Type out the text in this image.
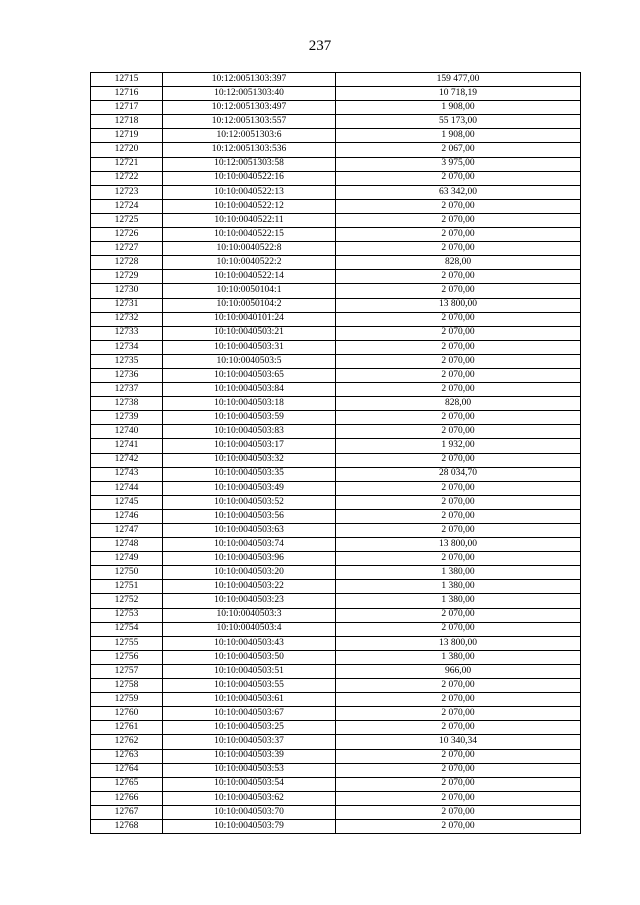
237
12715	10:12:0051303:397	159 477,00
12716	10:12:0051303:40	10 718,19
12717	10:12:0051303:497	1 908,00
12718	10:12:0051303:557	55 173,00
12719	10:12:0051303:6	1 908,00
12720	10:12:0051303:536	2 067,00
12721	10:12:0051303:58	3 975,00
12722	10:10:0040522:16	2 070,00
12723	10:10:0040522:13	63 342,00
12724	10:10:0040522:12	2 070,00
12725	10:10:0040522:11	2 070,00
12726	10:10:0040522:15	2 070,00
12727	10:10:0040522:8	2 070,00
12728	10:10:0040522:2	828,00
12729	10:10:0040522:14	2 070,00
12730	10:10:0050104:1	2 070,00
12731	10:10:0050104:2	13 800,00
12732	10:10:0040101:24	2 070,00
12733	10:10:0040503:21	2 070,00
12734	10:10:0040503:31	2 070,00
12735	10:10:0040503:5	2 070,00
12736	10:10:0040503:65	2 070,00
12737	10:10:0040503:84	2 070,00
12738	10:10:0040503:18	828,00
12739	10:10:0040503:59	2 070,00
12740	10:10:0040503:83	2 070,00
12741	10:10:0040503:17	1 932,00
12742	10:10:0040503:32	2 070,00
12743	10:10:0040503:35	28 034,70
12744	10:10:0040503:49	2 070,00
12745	10:10:0040503:52	2 070,00
12746	10:10:0040503:56	2 070,00
12747	10:10:0040503:63	2 070,00
12748	10:10:0040503:74	13 800,00
12749	10:10:0040503:96	2 070,00
12750	10:10:0040503:20	1 380,00
12751	10:10:0040503:22	1 380,00
12752	10:10:0040503:23	1 380,00
12753	10:10:0040503:3	2 070,00
12754	10:10:0040503:4	2 070,00
12755	10:10:0040503:43	13 800,00
12756	10:10:0040503:50	1 380,00
12757	10:10:0040503:51	966,00
12758	10:10:0040503:55	2 070,00
12759	10:10:0040503:61	2 070,00
12760	10:10:0040503:67	2 070,00
12761	10:10:0040503:25	2 070,00
12762	10:10:0040503:37	10 340,34
12763	10:10:0040503:39	2 070,00
12764	10:10:0040503:53	2 070,00
12765	10:10:0040503:54	2 070,00
12766	10:10:0040503:62	2 070,00
12767	10:10:0040503:70	2 070,00
12768	10:10:0040503:79	2 070,00
